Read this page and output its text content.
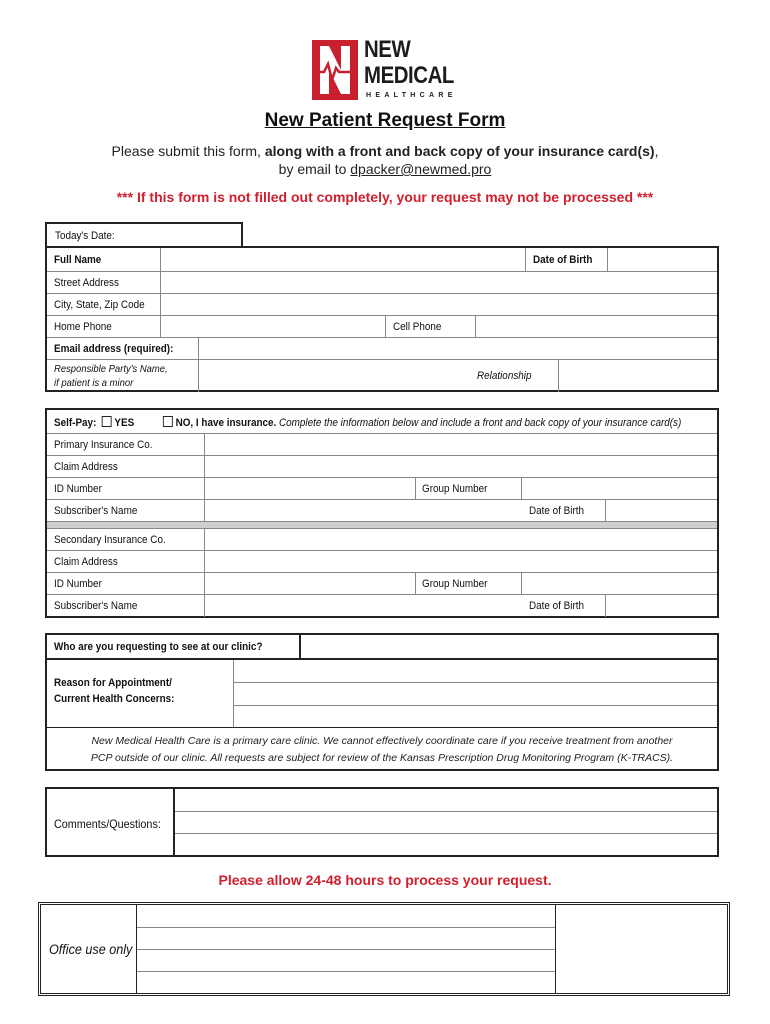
NEW
MEDICAL
HEALTHCARE
New Patient Request Form
Please submit this form, along with a front and back copy of your insurance card(s),
by email to dpacker@newmed.pro
*** If this form is not filled out completely, your request may not be processed ***
Today's Date:
Full Name	Date of Birth
Street Address
City, State, Zip Code
Home Phone	Cell Phone
Email address (required):
Responsible Party's Name,
if patient is a minor
Relationship
Self-Pay: YES	NO, I have insurance. Complete the information below and include a front and back copy of your insurance card(s)
Primary Insurance Co.
Claim Address
ID Number	Group Number
Subscriber's Name	Date of Birth
Secondary Insurance Co.
Claim Address
ID Number	Group Number
Subscriber's Name	Date of Birth
Who are you requesting to see at our clinic?
Reason for Appointment/
Current Health Concerns:
New Medical Health Care is a primary care clinic. We cannot effectively coordinate care if you receive treatment from another
PCP outside of our clinic. All requests are subject for review of the Kansas Prescription Drug Monitoring Program (K-TRACS).
Comments/Questions:
Please allow 24-48 hours to process your request.
Office use only
